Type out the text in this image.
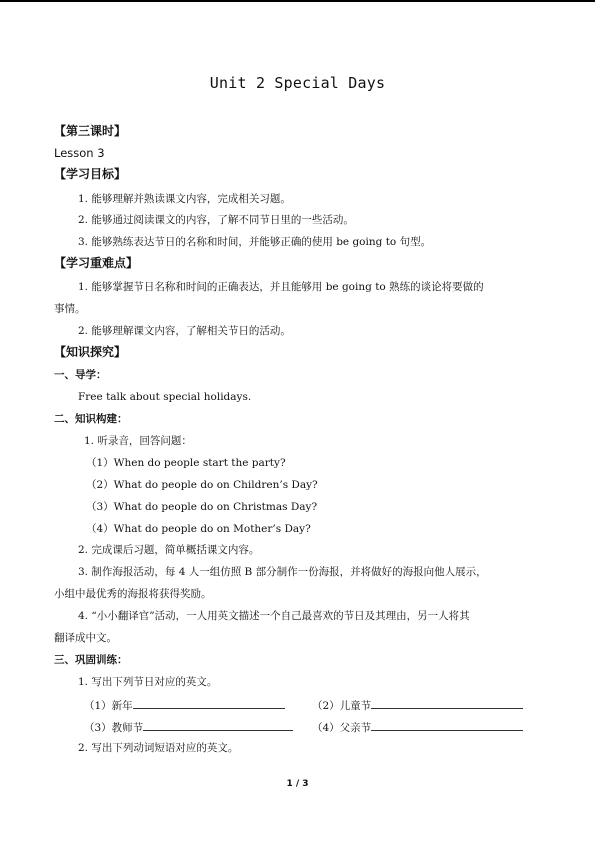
Unit 2 Special Days
【第三课时】
Lesson 3
【学习目标】
1. 能够理解并熟读课文内容，完成相关习题。
2. 能够通过阅读课文的内容，了解不同节日里的一些活动。
3. 能够熟练表达节日的名称和时间，并能够正确的使用 be going to 句型。
【学习重难点】
1. 能够掌握节日名称和时间的正确表达，并且能够用 be going to 熟练的谈论将要做的
事情。
2. 能够理解课文内容，了解相关节日的活动。
【知识探究】
一、导学：
Free talk about special holidays.
二、知识构建：
1. 听录音，回答问题：
（1）When do people start the party?
（2）What do people do on Children’s Day?
（3）What do people do on Christmas Day?
（4）What do people do on Mother’s Day?
2. 完成课后习题，简单概括课文内容。
3. 制作海报活动，每 4 人一组仿照 B 部分制作一份海报，并将做好的海报向他人展示，
小组中最优秀的海报将获得奖励。
4. “小小翻译官”活动，一人用英文描述一个自己最喜欢的节日及其理由，另一人将其
翻译成中文。
三、巩固训练：
1. 写出下列节日对应的英文。
（1）新年	（2）儿童节
（3）教师节	（4）父亲节
2. 写出下列动词短语对应的英文。
1 / 3
